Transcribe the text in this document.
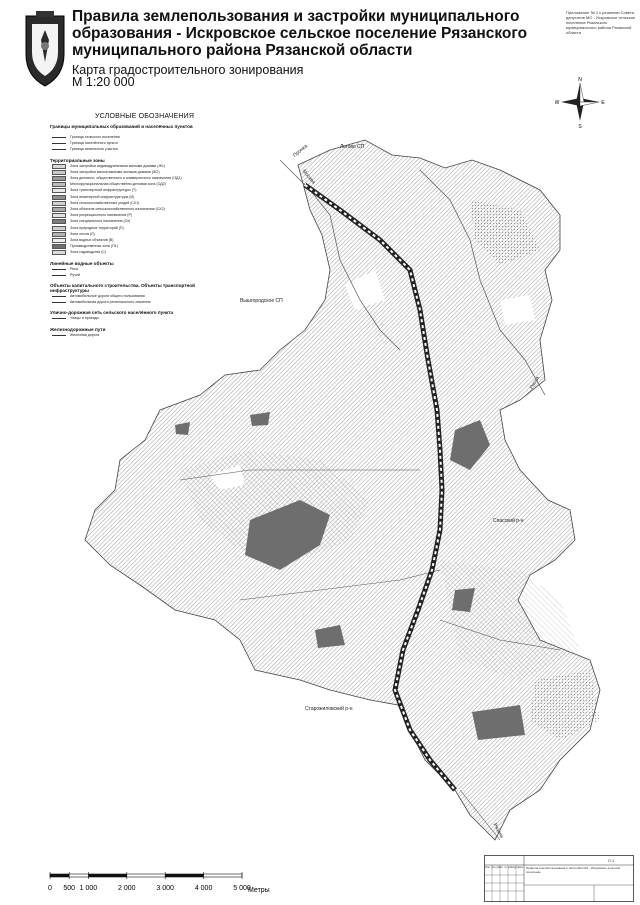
Правила землепользования и застройки муниципального образования - Искровское сельское поселение Рязанского муниципального района Рязанской области
Карта градостроительного зонирования
М 1:20 000
Приложение № 2 к решению Совета депутатов МО - Искровское сельское поселение Рязанского муниципального района Рязанской области
N
S
E
W
УСЛОВНЫЕ ОБОЗНАЧЕНИЯ
Границы муниципальных образований и населённых пунктов
Граница сельского поселения
Граница населённого пункта
Граница земельного участка
Территориальные зоны
Зона застройки индивидуальными жилыми домами (Ж1)
Зона застройки малоэтажными жилыми домами (Ж2)
Зона делового, общественного и коммерческого назначения (ОД1)
Многофункциональная общественно-деловая зона (ОД2)
Зона транспортной инфраструктуры (Т)
Зона инженерной инфраструктуры (И)
Зона сельскохозяйственных угодий (СХ1)
Зона объектов сельскохозяйственного назначения (СХ2)
Зона рекреационного назначения (Р)
Зона специального назначения (Сп)
Зона природных территорий (П)
Зона лесов (Л)
Зона водных объектов (В)
Производственная зона (П1)
Зона садоводства (С)
Линейные водные объекты
Река
Ручей
Объекты капитального строительства. Объекты транспортной инфраструктуры
Автомобильные дороги общего пользования
Автомобильная дорога регионального значения
Улично-дорожная сеть сельского населённого пункта
Улицы и проезды
Железнодорожные пути
Железная дорога
Льгово СП
Вышгородское СП
Спасский р-н
Старожиловский р-н
Пронка
Рясса
Рязань
Москва
0 500 1 000	2 000	3 000	4 000	5 000
Метры
Л-1
Правила землепользования и застройки МО - Искровское сельское поселение
Изм. Кол.уч Лист № док.
Подп. Дата
